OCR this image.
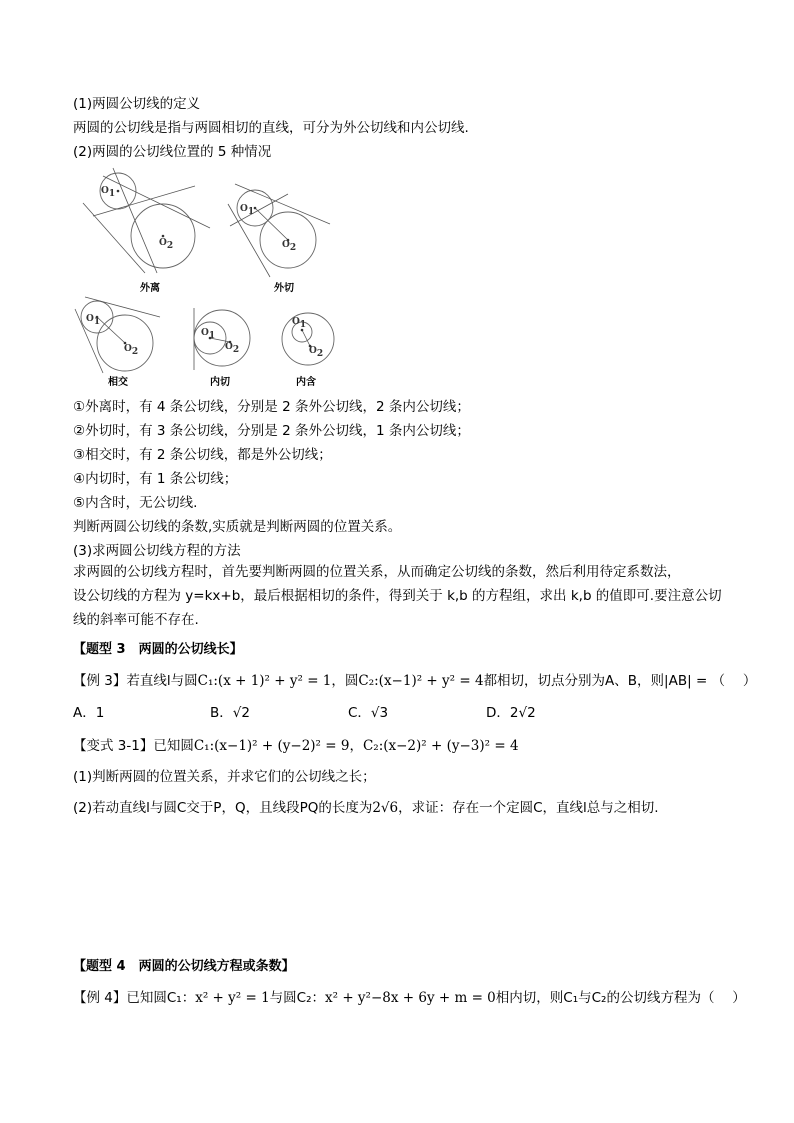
(1)两圆公切线的定义
两圆的公切线是指与两圆相切的直线，可分为外公切线和内公切线.
(2)两圆的公切线位置的 5 种情况
O1
O2
外离
O1
O2
外切
O1
O2
相交
O1
O2
内切
O1
O2
内含
①外离时，有 4 条公切线，分别是 2 条外公切线，2 条内公切线；
②外切时，有 3 条公切线，分别是 2 条外公切线，1 条内公切线；
③相交时，有 2 条公切线，都是外公切线；
④内切时，有 1 条公切线；
⑤内含时，无公切线.
判断两圆公切线的条数,实质就是判断两圆的位置关系。
(3)求两圆公切线方程的方法
求两圆的公切线方程时，首先要判断两圆的位置关系，从而确定公切线的条数，然后利用待定系数法，
设公切线的方程为 y=kx+b，最后根据相切的条件，得到关于 k,b 的方程组，求出 k,b 的值即可.要注意公切
线的斜率可能不存在.
【题型 3　两圆的公切线长】
【例 3】若直线l与圆C₁:(x + 1)² + y² = 1，圆C₂:(x−1)² + y² = 4都相切，切点分别为A、B，则|AB| = （　 ）
A．1	B．√2	C．√3	D．2√2
【变式 3-1】已知圆C₁:(x−1)² + (y−2)² = 9，C₂:(x−2)² + (y−3)² = 4
(1)判断两圆的位置关系，并求它们的公切线之长；
(2)若动直线l与圆C交于P，Q，且线段PQ的长度为2√6，求证：存在一个定圆C，直线l总与之相切.
【题型 4　两圆的公切线方程或条数】
【例 4】已知圆C₁：x² + y² = 1与圆C₂：x² + y²−8x + 6y + m = 0相内切，则C₁与C₂的公切线方程为（　 ）
